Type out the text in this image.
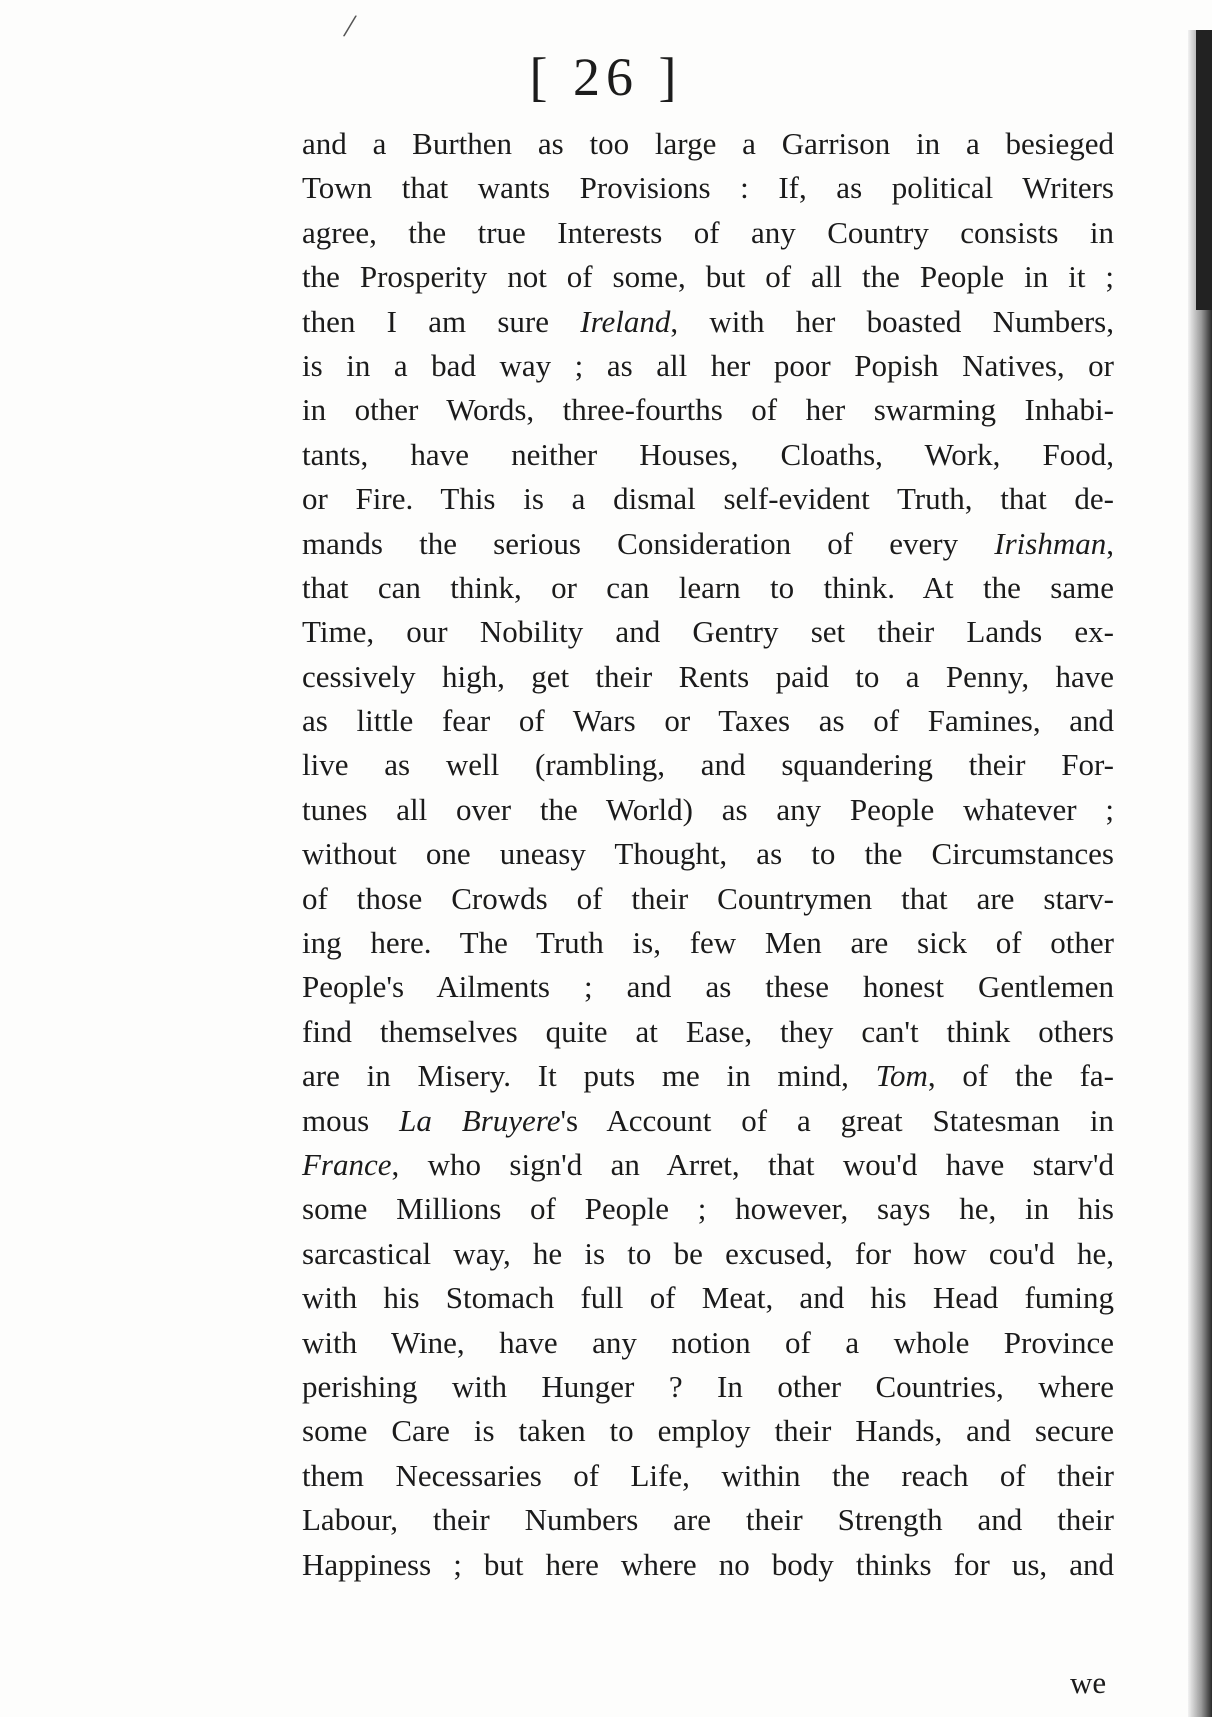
/
[ 26 ]
and a Burthen as too large a Garrison in a besieged
Town that wants Provisions : If, as political Writers
agree, the true Interests of any Country consists in
the Prosperity not of some, but of all the People in it ;
then I am sure Ireland, with her boasted Numbers,
is in a bad way ; as all her poor Popish Natives, or
in other Words, three-fourths of her swarming Inhabi-
tants, have neither Houses, Cloaths, Work, Food,
or Fire. This is a dismal self-evident Truth, that de-
mands the serious Consideration of every Irishman,
that can think, or can learn to think. At the same
Time, our Nobility and Gentry set their Lands ex-
cessively high, get their Rents paid to a Penny, have
as little fear of Wars or Taxes as of Famines, and
live as well (rambling, and squandering their For-
tunes all over the World) as any People whatever ;
without one uneasy Thought, as to the Circumstances
of those Crowds of their Countrymen that are starv-
ing here. The Truth is, few Men are sick of other
People's Ailments ; and as these honest Gentlemen
find themselves quite at Ease, they can't think others
are in Misery. It puts me in mind, Tom, of the fa-
mous La Bruyere's Account of a great Statesman in
France, who sign'd an Arret, that wou'd have starv'd
some Millions of People ; however, says he, in his
sarcastical way, he is to be excused, for how cou'd he,
with his Stomach full of Meat, and his Head fuming
with Wine, have any notion of a whole Province
perishing with Hunger ? In other Countries, where
some Care is taken to employ their Hands, and secure
them Necessaries of Life, within the reach of their
Labour, their Numbers are their Strength and their
Happiness ; but here where no body thinks for us, and
we
